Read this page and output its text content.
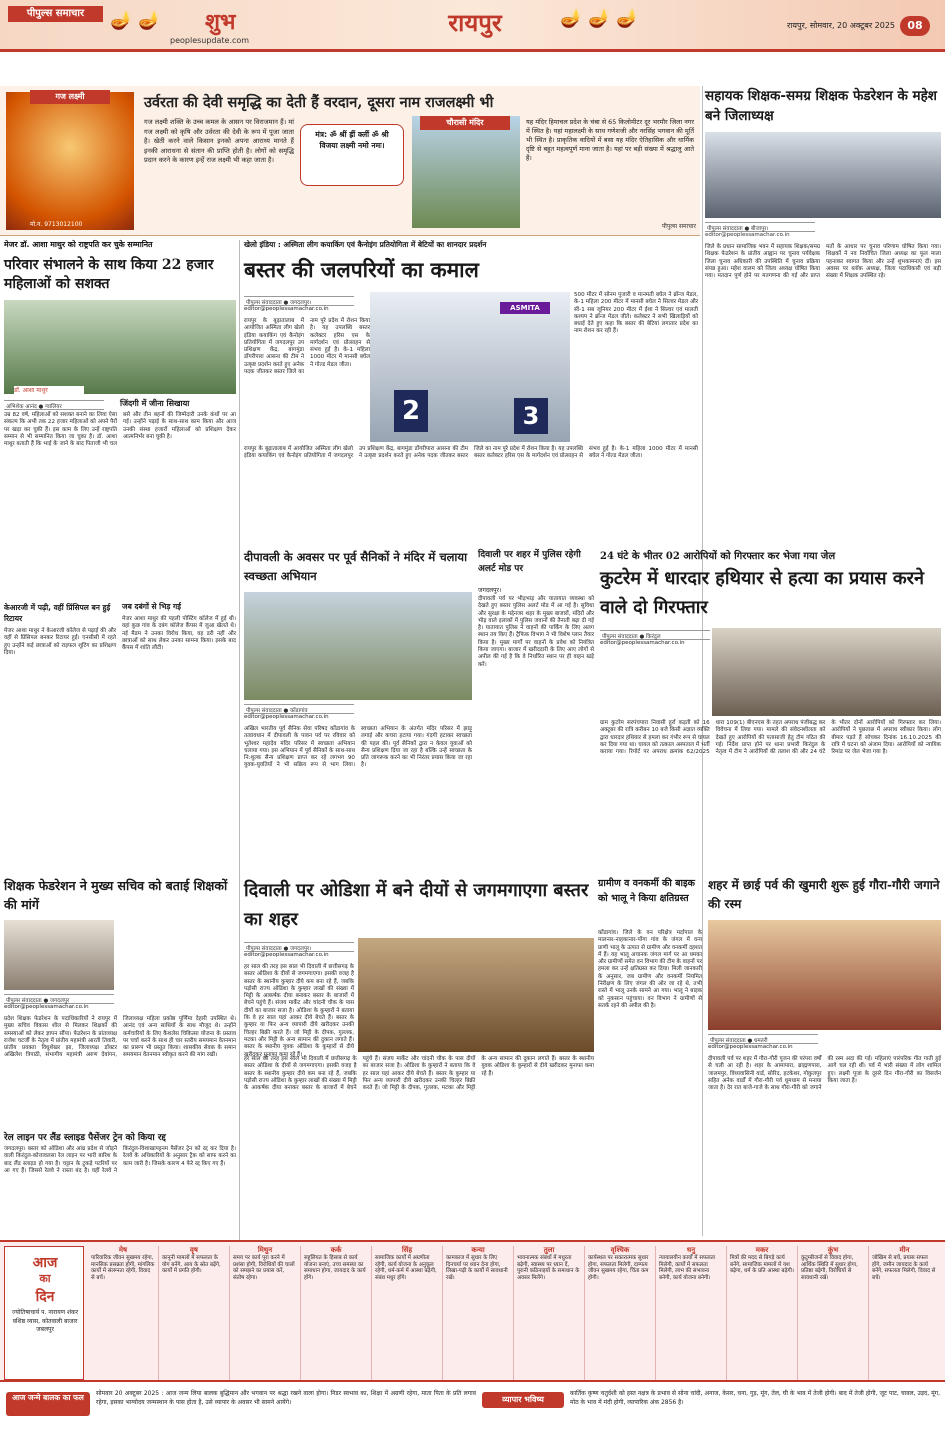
पीपुल्स समाचार	🪔 🪔	शुभ
peoplesupdate.com
रायपुर	🪔 🪔 🪔	रायपुर, सोमवार, 20 अक्टूबर 2025	08
गज लक्ष्मी
मो.न. 9713012100
उर्वरता की देवी समृद्धि का देती हैं वरदान, दूसरा नाम राजलक्ष्मी भी
गज लक्ष्मी शक्ति के उच्च कमल के आसन पर विराजमान हैं। मां गज लक्ष्मी को कृषि और उर्वरता की देवी के रूप में पूजा जाता है। खेती करने वाले किसान इनको अपना आराध्य मानते हैं इनकी आराधना से संतान की प्राप्ति होती है। लोगों को समृद्धि प्रदान करने के कारण इन्हें राज लक्ष्मी भी कहा जाता है।
मंत्र: ॐ श्रीं ह्रीं क्लीं ॐ श्री विजया लक्ष्मी नमो नमः।
चौरासी मंदिर	यह मंदिर हिमाचल प्रदेश के चंबा से 65 किलोमीटर दूर भरमौर जिला नगर में स्थित है। यहां महालक्ष्मी के साथ गणेशजी और नरसिंह भगवान की मूर्ति भी स्थित है। प्राकृतिक वादियों में बसा यह मंदिर ऐतिहासिक और धार्मिक दृष्टि से बहुत महत्वपूर्ण माना जाता है। यहां पर बड़ी संख्या में श्रद्धालु आते हैं।
पीपुल्स समाचार
सहायक शिक्षक-समग्र शिक्षक फेडरेशन के महेश बने जिलाध्यक्ष
पीपुल्स संवाददाता ● बीजापुर।
editor@peoplessamachar.co.in
जिले के प्रधान सामाजिक भवन में सहायक शिक्षक/समग्र शिक्षक फेडरेशन के प्रांतीय आह्वान पर चुनाव पर्यवेक्षक जिला चुनाव अधिकारी की उपस्थिति में चुनाव प्रक्रिया संपन्न हुआ। महेश वालम को जिला अध्यक्ष घोषित किया गया। मतदान पूर्ण होने पर मतगणना की गई और प्राप्त मतों के आधार पर चुनाव परिणाम घोषित किया गया। शिक्षकों ने नव निर्वाचित जिला अध्यक्ष का फूल माला पहनाकर स्वागत किया और उन्हें शुभकामनाएं दीं। इस अवसर पर ब्लॉक अध्यक्ष, जिला पदाधिकारी एवं बड़ी संख्या में शिक्षक उपस्थित रहे।
मेजर डॉ. आशा माथुर को राष्ट्रपति कर चुके सम्मानित
परिवार संभालने के साथ किया 22 हजार महिलाओं को सशक्त
डॉ. आशा माथुर
अभिशेक आनंद ● ग्वालियर	जिंदगी में जीना सिखाया
उम्र 82 वर्ष, महिलाओं को सशक्त बनाने का लिया ऐसा संकल्प कि अभी तक 22 हजार महिलाओं को अपने पैरों पर खड़ा कर चुकी हैं। इस काम के लिए उन्हें राष्ट्रपति सम्मान से भी सम्मानित किया जा चुका है। डॉ. आशा माथुर बताती हैं कि भाई के जाने के बाद पिताजी भी चल बसे और तीन बहनों की जिम्मेदारी उनके कंधों पर आ गई। उन्होंने पढ़ाई के साथ-साथ काम किया और आज उनकी संस्था हजारों महिलाओं को प्रशिक्षण देकर आत्मनिर्भर बना चुकी है।
केआरजी में पढ़ी, वहीं प्रिंसिपल बन हुई रिटायर
मेजर आशा माथुर ने केआरजी कॉलेज से पढ़ाई की और वहीं से प्रिंसिपल बनकर रिटायर हुईं। एनसीसी में रहते हुए उन्होंने कई छात्राओं को राइफल शूटिंग का प्रशिक्षण दिया।
जब दबंगों से भिड़ गई
मेजर आशा माथुर की पहली पोस्टिंग कॉलेज में हुई थी। वहां कुछ गांव के दबंग कॉलेज कैंपस में जुआ खेलते थे। नई मैडम ने उनका विरोध किया, वह डरी नहीं और छात्राओं को साथ लेकर उनका सामना किया। इसके बाद कैंपस में शांति लौटी।
खेलो इंडिया : अस्मिता लीग कयाकिंग एवं कैनोइंग प्रतियोगिता में बेटियों का शानदार प्रदर्शन
बस्तर की जलपरियों का कमाल
पीपुल्स संवाददाता ● जगदलपुर।
editor@peoplessamachar.co.in
रायपुर के बूढ़ातालाब में आयोजित अस्मिता लीग खेलो इंडिया कयाकिंग एवं कैनोइंग प्रतियोगिता में जगदलपुर उप प्रशिक्षण केंद्र, बागमुंडा डोंगरीपारा आसना की टीम ने उत्कृष्ट प्रदर्शन करते हुए अनेक पदक जीतकर बस्तर जिले का नाम पूरे प्रदेश में रोशन किया है। यह उपलब्धि बस्तर कलेक्टर हरिस एस के मार्गदर्शन एवं प्रोत्साहन से संभव हुई है। के-1 महिला 1000 मीटर में मानसी बघेल ने गोल्ड मेडल जीता।
ASMITA
2	3
500 मीटर में सोनम पुजारी व मानमती बघेल ने ब्रॉन्ज मेडल, के-1 महिला 200 मीटर में मानसी बघेल ने सिल्वर मेडल और सी-1 सब जूनियर 200 मीटर में ईशा ने सिल्वर एवं मालती कश्यप ने ब्रॉन्ज मेडल जीते। कलेक्टर ने सभी खिलाड़ियों को बधाई देते हुए कहा कि बस्तर की बेटियां लगातार प्रदेश का नाम रोशन कर रही हैं।
रायपुर के बूढ़ातालाब में आयोजित अस्मिता लीग खेलो इंडिया कयाकिंग एवं कैनोइंग प्रतियोगिता में जगदलपुर उप प्रशिक्षण केंद्र, बागमुंडा डोंगरीपारा आसना की टीम ने उत्कृष्ट प्रदर्शन करते हुए अनेक पदक जीतकर बस्तर जिले का नाम पूरे प्रदेश में रोशन किया है। यह उपलब्धि बस्तर कलेक्टर हरिस एस के मार्गदर्शन एवं प्रोत्साहन से संभव हुई है। के-1 महिला 1000 मीटर में मानसी बघेल ने गोल्ड मेडल जीता।
दीपावली के अवसर पर पूर्व सैनिकों ने मंदिर में चलाया स्वच्छता अभियान
पीपुल्स संवाददाता ● कोंडागांव
editor@peoplessamachar.co.in
अखिल भारतीय पूर्व सैनिक सेवा परिषद कोंडागांव के तत्वावधान में दीपावली के पावन पर्व पर रविवार को भूतेश्वर महादेव मंदिर परिसर में स्वच्छता अभियान चलाया गया। इस अभियान में पूर्व सैनिकों के साथ-साथ नि:शुल्क सैन्य प्रशिक्षण प्राप्त कर रहे लगभग 90 युवक-युवतियों ने भी सक्रिय रूप से भाग लिया। स्वच्छता अभियान के अंतर्गत मंदिर परिसर में झाड़ू लगाई और कचरा हटाया गया। गंदगी हटाकर स्वच्छता की पहल की। पूर्व सैनिकों द्वारा न केवल युवाओं को सैन्य प्रशिक्षण दिया जा रहा है बल्कि उन्हें स्वच्छता के प्रति जागरूक करने का भी निरंतर प्रयास किया जा रहा है।
दिवाली पर शहर में पुलिस रहेगी अलर्ट मोड पर
जगदलपुर।
दीपावली पर्व पर भीड़भाड़ और यातायात व्यवस्था को देखते हुए बस्तर पुलिस अलर्ट मोड में आ गई है। सुविधा और सुरक्षा के मद्देनजर शहर के मुख्य बाजारों, मंदिरों और भीड़ वाले इलाकों में पुलिस जवानों की तैनाती बढ़ा दी गई है। यातायात पुलिस ने वाहनों की पार्किंग के लिए अलग स्थान तय किए हैं। ट्रैफिक विभाग ने भी विशेष प्लान तैयार किया है। मुख्य मार्गों पर वाहनों के प्रवेश को नियंत्रित किया जाएगा। बाजार में खरीददारी के लिए आए लोगों से अपील की गई है कि वे निर्धारित स्थान पर ही वाहन खड़े करें।
24 घंटे के भीतर 02 आरोपियों को गिरफ्तार कर भेजा गया जेल
कुटरेम में धारदार हथियार से हत्या का प्रयास करने वाले दो गिरफ्तार
पीपुल्स संवाददाता ● किरंदुल
editor@peoplessamachar.co.in
ग्राम कुटरेम सरपंचपारा निवासी हुर्रा कड़ती को 16 अक्टूबर की रात्रि करीबन 10 बजे किसी अज्ञात व्यक्ति द्वारा धारदार हथियार से हमला कर गंभीर रूप से घायल कर दिया गया था। घायल को तत्काल अस्पताल में भर्ती कराया गया। रिपोर्ट पर अपराध क्रमांक 62/2025 धारा 109(1) बीएनएस के तहत अपराध पंजीबद्ध कर विवेचना में लिया गया। मामले की संवेदनशीलता को देखते हुए आरोपियों की पतासाजी हेतु टीम गठित की गई। निर्देश प्राप्त होने पर थाना प्रभारी किरंदुल के नेतृत्व में टीम ने आरोपियों की तलाश की और 24 घंटे के भीतर दोनों आरोपियों को गिरफ्तार कर लिया। आरोपियों ने पूछताछ में अपराध स्वीकार किया। लोग बीमार पड़ते हैं सोचकर दिनांक 16.10.2025 की रात्रि में घटना को अंजाम दिया। आरोपियों को न्यायिक रिमांड पर जेल भेजा गया है।
शिक्षक फेडरेशन ने मुख्य सचिव को बताई शिक्षकों की मांगें
पीपुल्स संवाददाता ● जगदलपुर
editor@peoplessamachar.co.in
प्रदेश शिक्षक फेडरेशन के पदाधिकारियों ने रायपुर में मुख्य सचिव विकास शील से मिलकर शिक्षकों की समस्याओं को लेकर ज्ञापन सौंपा। फेडरेशन के प्रांताध्यक्ष राजेश चटर्जी के नेतृत्व में प्रांतीय महामंत्री आरती तिवारी, प्रांतीय प्रवक्ता विधुशेखर झा, जिलाध्यक्ष डॉक्टर अखिलेश त्रिपाठी, संभागीय महामंत्री अरुण देवांगन, जिलाध्यक्ष महिला प्रकोष्ठ पूर्णिमा देहारी उपस्थित थे। आनंद एवं अन्य साथियों के साथ मौजूद थे। उन्होंने कर्मचारियों के लिए कैशलेस चिकित्सा योजना के प्रस्ताव पर चर्चा करने के साथ ही चार स्तरीय समयमान वेतनमान का प्रारूप भी प्रस्तुत किया। शासकीय सेवक के समान समयमान वेतनमान स्वीकृत करने की मांग रखी।
रेल लाइन पर लैंड स्लाइड पैसेंजर ट्रेन को किया रद्द
जगदलपुर। बस्तर को ओडिशा और आंध्र प्रदेश से जोड़ने वाली किरंदुल-कोत्तावलसा रेल लाइन पर भारी बारिश के बाद लैंड स्लाइड हो गया है। चट्टान के टुकड़े पटरियों पर आ गए हैं। जिससे रेलवे ने रास्ता बंद है। वहीं रेलवे ने किरंदुल-विशाखापट्टनम पैसेंजर ट्रेन को रद्द कर दिया है। रेलवे के अधिकारियों के अनुसार ट्रैक को साफ करने का काम जारी है। जिसके कारण 4 फेरे रद्द किए गए हैं।
दिवाली पर ओडिशा में बने दीयों से जगमगाएगा बस्तर का शहर
पीपुल्स संवाददाता ● जगदलपुर।
editor@peoplessamachar.co.in
हर साल की तरह इस साल भी दिवाली में छत्तीसगढ़ के बस्तर ओडिशा के दीयों से जगमगाएगा। इसकी वजह है बस्तर के स्थानीय कुम्हार दीये कम बना रहे हैं, जबकि पड़ोसी राज्य ओडिशा के कुम्हार लाखों की संख्या में मिट्टी के आकर्षक दीया बनाकर बस्तर के बाजारों में बेचने पहुंचे हैं। संजय मार्केट और चांदनी चौक के पास दीयों का बाजार सजा है। ओडिशा के कुम्हारों ने बताया कि वे हर साल यहां आकर दीये बेचते हैं। बस्तर के कुम्हार या फिर अन्य व्यापारी दीये खरीदकर उनकी चिल्हर बिक्री करते हैं। जो मिट्टी के दीपक, गुल्लक, मटका और मिट्टी के अन्य सामान की दुकान लगाते हैं। बस्तर के स्थानीय युवक ओडिशा के कुम्हारों से दीये खरीदकर मुनाफा कमा रहे हैं।
हर साल की तरह इस साल भी दिवाली में छत्तीसगढ़ के बस्तर ओडिशा के दीयों से जगमगाएगा। इसकी वजह है बस्तर के स्थानीय कुम्हार दीये कम बना रहे हैं, जबकि पड़ोसी राज्य ओडिशा के कुम्हार लाखों की संख्या में मिट्टी के आकर्षक दीया बनाकर बस्तर के बाजारों में बेचने पहुंचे हैं। संजय मार्केट और चांदनी चौक के पास दीयों का बाजार सजा है। ओडिशा के कुम्हारों ने बताया कि वे हर साल यहां आकर दीये बेचते हैं। बस्तर के कुम्हार या फिर अन्य व्यापारी दीये खरीदकर उनकी चिल्हर बिक्री करते हैं। जो मिट्टी के दीपक, गुल्लक, मटका और मिट्टी के अन्य सामान की दुकान लगाते हैं। बस्तर के स्थानीय युवक ओडिशा के कुम्हारों से दीये खरीदकर मुनाफा कमा रहे हैं।
ग्रामीण व वनकर्मी की बाइक को भालू ने किया क्षतिग्रस्त
कोंडागांव। जिले के वन परिक्षेत्र मर्दापाल के मालनार-नाहकानार-पोंगा गांव के जंगल में वन्य प्राणी भालू के उत्पात से ग्रामीण और वनकर्मी दहशत में हैं। यह भालू अचानक जंगल मार्ग पर आ धमका और ग्रामीणों समेत वन विभाग की टीम के वाहनों पर हमला कर उन्हें क्षतिग्रस्त कर दिया। मिली जानकारी के अनुसार, जब ग्रामीण और वनकर्मी नियमित निरीक्षण के लिए जंगल की ओर जा रहे थे, तभी रास्ते में भालू उनके सामने आ गया। भालू ने बाइक को नुकसान पहुंचाया। वन विभाग ने ग्रामीणों से सतर्क रहने की अपील की है।
शहर में छाई पर्व की खुमारी शुरू हुई गौरा-गौरी जगाने की रस्म
पीपुल्स संवाददाता ● धमतरी
editor@peoplessamachar.co.in
दीपावली पर्व पर शहर में गौरा-गौरी पूजन की परंपरा वर्षों से चली आ रही है। शहर के आमापारा, ब्राह्मणपारा, जालमपुर, विंध्यवासिनी वार्ड, सोरिद, हटकेशर, गोकुलपुर सहित अनेक वार्डों में गौरा-गौरी पर्व धूमधाम से मनाया जाता है। देर रात बाजे-गाजे के साथ गौरा-गौरी को जगाने की रस्म अदा की गई। महिलाएं पारंपरिक गीत गाती हुई आगे चल रही थीं। पर्व में भारी संख्या में लोग शामिल हुए। लक्ष्मी पूजा के दूसरे दिन गौरा-गौरी का विसर्जन किया जाता है।
आज
का
दिन
ज्योतिषाचार्य प. नारायण शंकर वशिष्ठ व्यास, कोतवाली बाजार जबलपुर
मेष
पारिवारिक जीवन सुखमय रहेगा, मानसिक प्रसन्नता होगी, मांगलिक कार्यों में संलग्नता रहेगी, विवाद से बचें।
वृष
कानूनी मामलों में सफलता के योग बनेंगे, आय के स्रोत बढ़ेंगे, कार्यों में प्रगति होगी।
मिथुन
समय पर कार्य पूरा करने में प्रशंसा होगी, विरोधियों की चालों को समझने का प्रयास करें, संतोष रहेगा।
कर्क
सहूलियत के हिसाब से कार्य योजना बनाएं, उच्च समस्या का समाधान होगा, जायदाद के कार्य होंगे।
सिंह
सामाजिक कार्यों में अग्रणीता रहेगी, कार्य योजना के अनुकूल रहेगी, धर्म-कर्म में आस्था बढ़ेगी, संबंध मधुर होंगे।
कन्या
कामकाज में सुधार के लिए दिनचर्या पर ध्यान देना होगा, लिखा-पढ़ी के कार्यों में सावधानी रखें।
तुला
भावनात्मक संबंधों में मधुरता बढ़ेगी, स्वास्थ्य पर ध्यान दें, पुरानी कठिनाइयों के समाधान के अवसर मिलेंगे।
वृश्चिक
कार्यस्थल पर सकारात्मक सुधार होगा, सफलता मिलेगी, दाम्पत्य जीवन सुखमय रहेगा, चिंता कम होगी।
धनु
न्यायालयीन कार्यों में सफलता मिलेगी, कार्यों में सफलता मिलेगी, लाभ की संभावना बनेगी, कार्य योजना बनेगी।
मकर
मित्रों की मदद से बिगड़े कार्य बनेंगे, सामाजिक मामलों में यश बढ़ेगा, धर्म के प्रति आस्था बढ़ेगी।
कुंभ
कुटुम्बीजनों से विवाद होगा, आर्थिक स्थिति में सुधार होगा, प्रतिष्ठा बढ़ेगी, विरोधियों से सावधानी रखें।
मीन
जोखिम से बचें, प्रयास सफल होंगे, जमीन जायदाद के कार्य बनेंगे, सफलता मिलेगी, विवाद से बचें।
आज जन्मे बालक का फल	सोमवार 20 अक्टूबर 2025 : आज जन्म लिया बालक बुद्धिमान और भगवान पर श्रद्धा रखने वाला होगा। निडर स्वभाव का, शिक्षा में अग्रणी रहेगा, माता पिता के प्रति लगाव रहेगा, इसका भाग्योदय जन्मस्थान के पास होता है, उसे व्यापार के अवसर भी सामने आयेंगे।	व्यापार भविष्य
कार्तिक कृष्ण चतुर्दशी को हस्त नक्षत्र के प्रभाव से सोना चांदी, अनाज, केसर, चना, गुड़, मूंग, तेल, घी के भाव में तेजी होगी। बाद में तेजी होगी, जूट पाट, चावल, उड़द, मूंग, मोठ के भाव में मंदी होगी, व्यापारिक अंक 2856 है।
